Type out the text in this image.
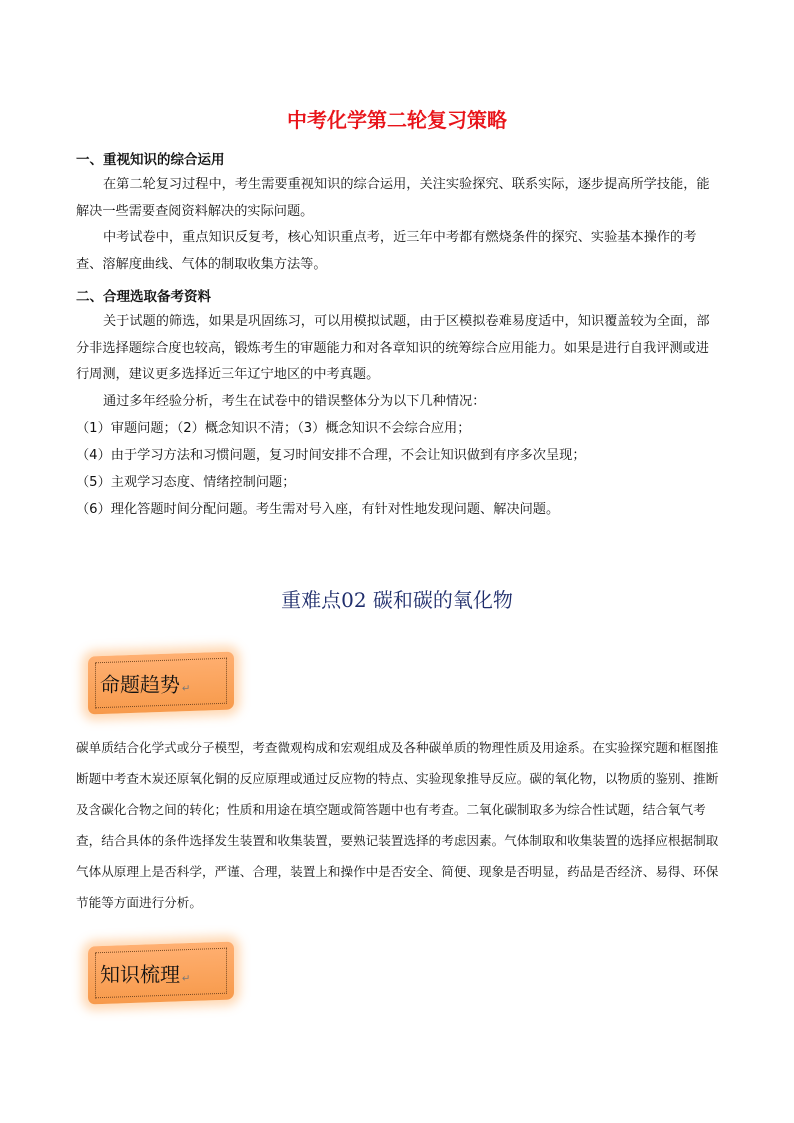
中考化学第二轮复习策略
一、重视知识的综合运用
在第二轮复习过程中，考生需要重视知识的综合运用，关注实验探究、联系实际，逐步提高所学技能，能解决一些需要查阅资料解决的实际问题。
中考试卷中，重点知识反复考，核心知识重点考，近三年中考都有燃烧条件的探究、实验基本操作的考查、溶解度曲线、气体的制取收集方法等。
二、合理选取备考资料
关于试题的筛选，如果是巩固练习，可以用模拟试题，由于区模拟卷难易度适中，知识覆盖较为全面，部分非选择题综合度也较高，锻炼考生的审题能力和对各章知识的统筹综合应用能力。如果是进行自我评测或进行周测，建议更多选择近三年辽宁地区的中考真题。
通过多年经验分析，考生在试卷中的错误整体分为以下几种情况：
（1）审题问题；（2）概念知识不清；（3）概念知识不会综合应用；
（4）由于学习方法和习惯问题，复习时间安排不合理，不会让知识做到有序多次呈现；
（5）主观学习态度、情绪控制问题；
（6）理化答题时间分配问题。考生需对号入座，有针对性地发现问题、解决问题。
重难点02 碳和碳的氧化物
命题趋势 ↵
碳单质结合化学式或分子模型，考查微观构成和宏观组成及各种碳单质的物理性质及用途系。在实验探究题和框图推断题中考查木炭还原氧化铜的反应原理或通过反应物的特点、实验现象推导反应。碳的氧化物，以物质的鉴别、推断及含碳化合物之间的转化；性质和用途在填空题或简答题中也有考查。二氧化碳制取多为综合性试题，结合氧气考查，结合具体的条件选择发生装置和收集装置，要熟记装置选择的考虑因素。气体制取和收集装置的选择应根据制取气体从原理上是否科学，严谨、合理，装置上和操作中是否安全、简便、现象是否明显，药品是否经济、易得、环保节能等方面进行分析。
知识梳理 ↵
